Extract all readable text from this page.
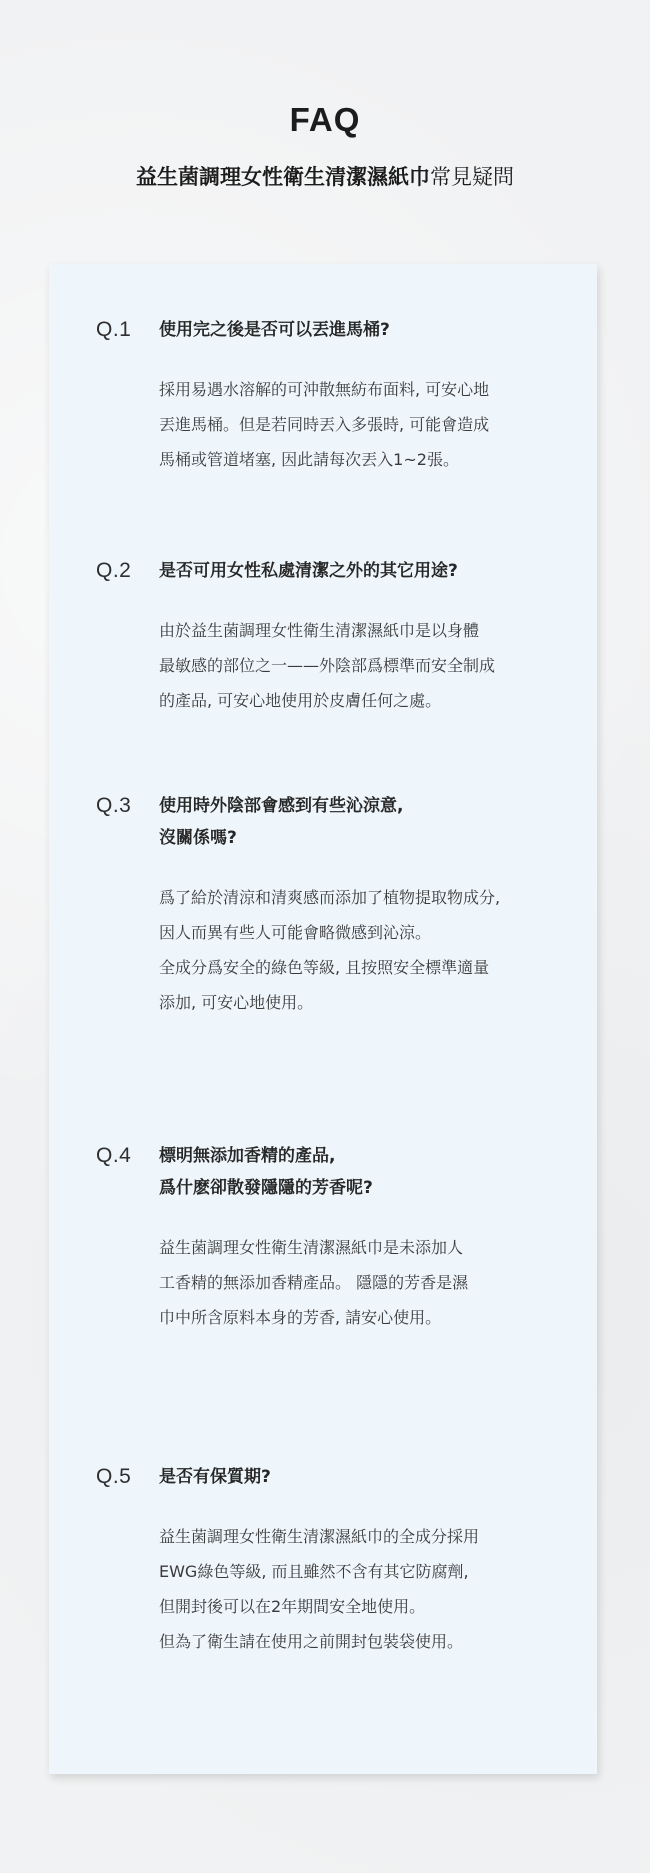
FAQ
益生菌調理女性衛生清潔濕紙巾常見疑問
Q.1	使用完之後是否可以丟進馬桶?
採用易遇水溶解的可沖散無紡布面料, 可安心地
丟進馬桶。但是若同時丟入多張時, 可能會造成
馬桶或管道堵塞, 因此請每次丟入1~2張。
Q.2	是否可用女性私處清潔之外的其它用途?
由於益生菌調理女性衛生清潔濕紙巾是以身體
最敏感的部位之一——外陰部爲標準而安全制成
的產品, 可安心地使用於皮膚任何之處。
Q.3	使用時外陰部會感到有些沁涼意,
沒關係嗎?
爲了給於清涼和清爽感而添加了植物提取物成分,
因人而異有些人可能會略微感到沁涼。
全成分爲安全的綠色等級, 且按照安全標準適量
添加, 可安心地使用。
Q.4	標明無添加香精的產品,
爲什麽卻散發隱隱的芳香呢?
益生菌調理女性衛生清潔濕紙巾是未添加人
工香精的無添加香精產品。 隱隱的芳香是濕
巾中所含原料本身的芳香, 請安心使用。
Q.5	是否有保質期?
益生菌調理女性衛生清潔濕紙巾的全成分採用
EWG綠色等級, 而且雖然不含有其它防腐劑,
但開封後可以在2年期間安全地使用。
但為了衛生請在使用之前開封包裝袋使用。
